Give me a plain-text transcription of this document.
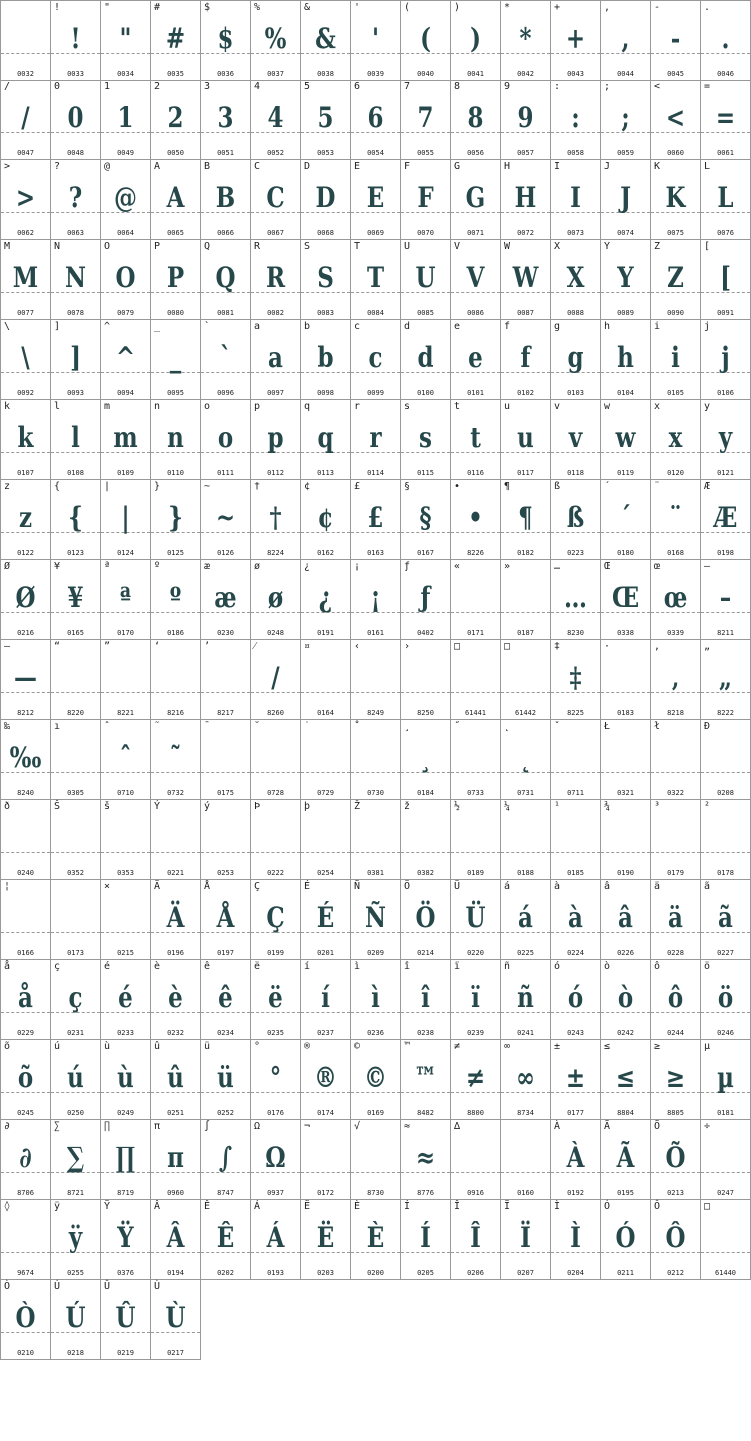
0032
!
!
0033
"
"
0034
#
#
0035
$
$
0036
%
%
0037
&
&
0038
'
'
0039
(
(
0040
)
)
0041
*
*
0042
+
+
0043
,
,
0044
-
-
0045
.
.
0046
/
/
0047
0
0
0048
1
1
0049
2
2
0050
3
3
0051
4
4
0052
5
5
0053
6
6
0054
7
7
0055
8
8
0056
9
9
0057
:
:
0058
;
;
0059
<
<
0060
=
=
0061
>
>
0062
?
?
0063
@
@
0064
A
A
0065
B
B
0066
C
C
0067
D
D
0068
E
E
0069
F
F
0070
G
G
0071
H
H
0072
I
I
0073
J
J
0074
K
K
0075
L
L
0076
M
M
0077
N
N
0078
O
O
0079
P
P
0080
Q
Q
0081
R
R
0082
S
S
0083
T
T
0084
U
U
0085
V
V
0086
W
W
0087
X
X
0088
Y
Y
0089
Z
Z
0090
[
[
0091
\
\
0092
]
]
0093
^
^
0094
_
_
0095
`
`
0096
a
a
0097
b
b
0098
c
c
0099
d
d
0100
e
e
0101
f
f
0102
g
g
0103
h
h
0104
i
i
0105
j
j
0106
k
k
0107
l
l
0108
m
m
0109
n
n
0110
o
o
0111
p
p
0112
q
q
0113
r
r
0114
s
s
0115
t
t
0116
u
u
0117
v
v
0118
w
w
0119
x
x
0120
y
y
0121
z
z
0122
{
{
0123
|
|
0124
}
}
0125
~
~
0126
†
†
8224
¢
¢
0162
£
£
0163
§
§
0167
•
•
8226
¶
¶
0182
ß
ß
0223
´
´
0180
¨
¨
0168
Æ
Æ
0198
Ø
Ø
0216
¥
¥
0165
ª
ª
0170
º
º
0186
æ
æ
0230
ø
ø
0248
¿
¿
0191
¡
¡
0161
ƒ
ƒ
0402
«
0171
»
0187
…
…
8230
Œ
Œ
0338
œ
œ
0339
–
–
8211
—
—
8212
“
8220
”
8221
‘
8216
’
8217
⁄
/
8260
¤
0164
‹
8249
›
8250
□
61441
□
61442
‡
‡
8225
·
0183
‚
‚
8218
„
„
8222
‰
‰
8240
ı
0305
ˆ
ˆ
0710
˜
˜
0732
¯
0175
˘
0728
˙
0729
˚
0730
¸
¸
0184
˝
0733
˛
˛
0731
ˇ
0711
Ł
0321
ł
0322
Đ
0208
ð
0240
Š
0352
š
0353
Ý
0221
ý
0253
Þ
0222
þ
0254
Ž
0381
ž
0382
½
0189
¼
0188
¹
0185
¾
0190
³
0179
²
0178
¦
0166	0173
×
0215
Ä
Ä
0196
Å
Å
0197
Ç
Ç
0199
É
É
0201
Ñ
Ñ
0209
Ö
Ö
0214
Ü
Ü
0220
á
á
0225
à
à
0224
â
â
0226
ä
ä
0228
ã
ã
0227
å
å
0229
ç
ç
0231
é
é
0233
è
è
0232
ê
ê
0234
ë
ë
0235
í
í
0237
ì
ì
0236
î
î
0238
ï
ï
0239
ñ
ñ
0241
ó
ó
0243
ò
ò
0242
ô
ô
0244
ö
ö
0246
õ
õ
0245
ú
ú
0250
ù
ù
0249
û
û
0251
ü
ü
0252
°
°
0176
®
®
0174
©
©
0169
™
™
8482
≠
≠
8800
∞
∞
8734
±
±
0177
≤
≤
8804
≥
≥
8805
µ
µ
0181
∂
∂
8706
∑
∑
8721
∏
∏
8719
π
π
0960
∫
∫
8747
Ω
Ω
0937
¬
0172
√
8730
≈
≈
8776
∆
0916	0160
À
À
0192
Ã
Ã
0195
Õ
Õ
0213
÷
0247
◊
9674
ÿ
ÿ
0255
Ÿ
Ÿ
0376
Â
Â
0194
Ê
Ê
0202
Á
Á
0193
Ë
Ë
0203
È
È
0200
Í
Í
0205
Î
Î
0206
Ï
Ï
0207
Ì
Ì
0204
Ó
Ó
0211
Ô
Ô
0212
□
61440
Ò
Ò
0210
Ú
Ú
0218
Û
Û
0219
Ù
Ù
0217
